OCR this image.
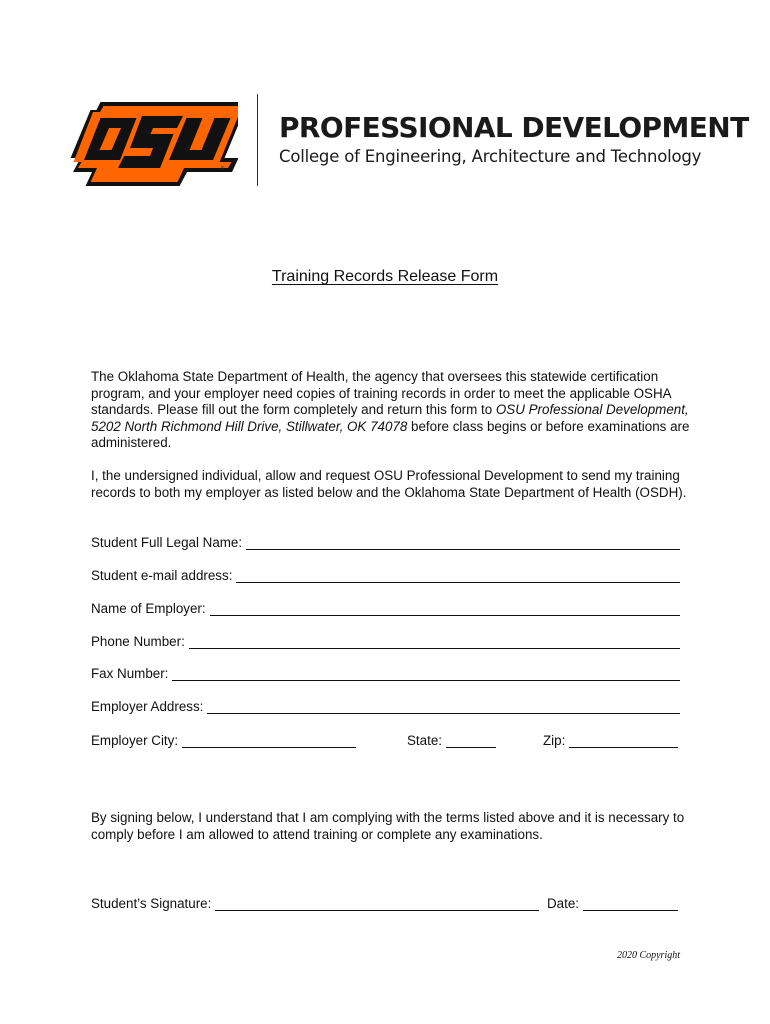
®
PROFESSIONAL DEVELOPMENT
College of Engineering, Architecture and Technology
Training Records Release Form
The Oklahoma State Department of Health, the agency that oversees this statewide certification program, and your employer need copies of training records in order to meet the applicable OSHA standards. Please fill out the form completely and return this form to OSU Professional Development, 5202 North Richmond Hill Drive, Stillwater, OK 74078 before class begins or before examinations are administered.
I, the undersigned individual, allow and request OSU Professional Development to send my training records to both my employer as listed below and the Oklahoma State Department of Health (OSDH).
Student Full Legal Name:
Student e-mail address:
Name of Employer:
Phone Number:
Fax Number:
Employer Address:
Employer City:	State:	Zip:
By signing below, I understand that I am complying with the terms listed above and it is necessary to comply before I am allowed to attend training or complete any examinations.
Student’s Signature:	Date:
2020 Copyright
